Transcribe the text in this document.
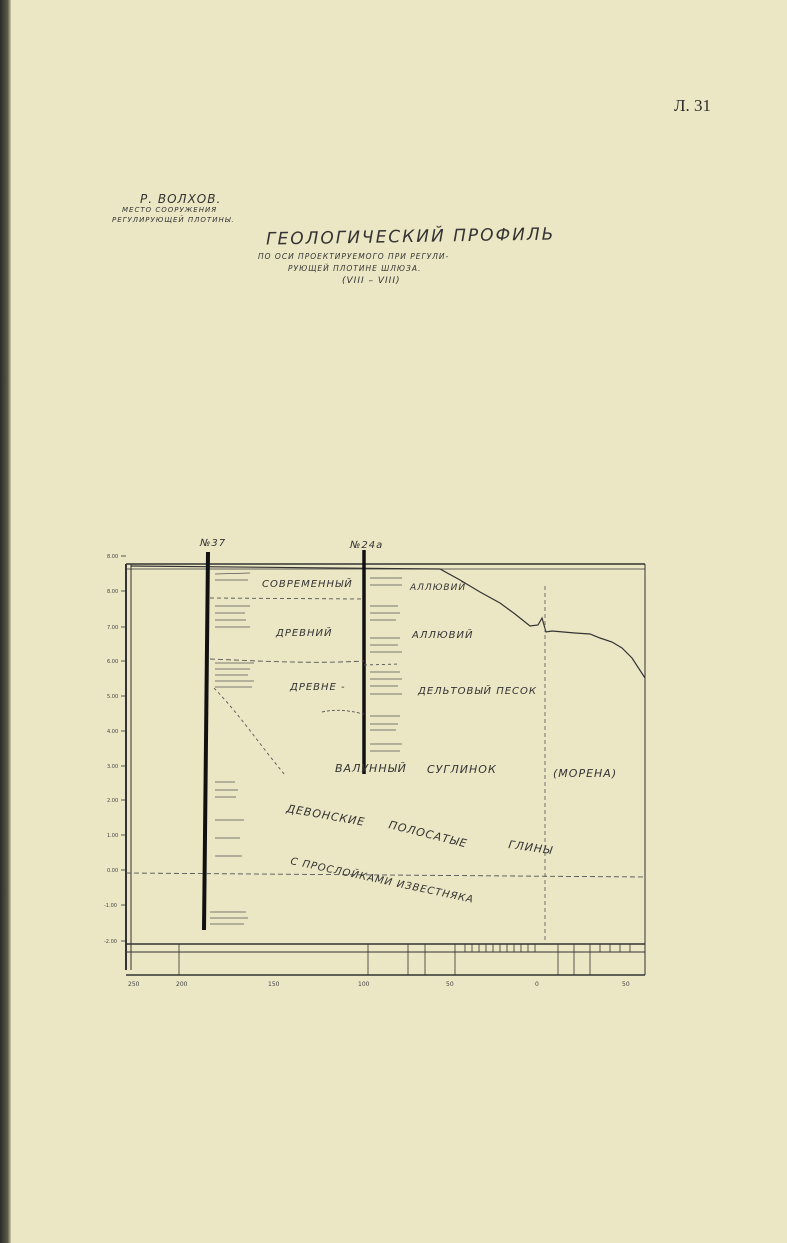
Л. 31
Р. ВОЛХОВ.
МЕСТО СООРУЖЕНИЯ
РЕГУЛИРУЮЩЕЙ ПЛОТИНЫ.
ГЕОЛОГИЧЕСКИЙ ПРОФИЛЬ
ПО ОСИ ПРОЕКТИРУЕМОГО ПРИ РЕГУЛИ-
РУЮЩЕЙ ПЛОТИНЕ ШЛЮЗА.
(VIII – VIII)
№37	№24а
СОВРЕМЕННЫЙ	АЛЛЮВИЙ
ДРЕВНИЙ	АЛЛЮВИЙ
ДРЕВНЕ -	ДЕЛЬТОВЫЙ ПЕСОК
ВАЛУННЫЙ СУГЛИНОК	(МОРЕНА)
ДЕВОНСКИЕ
ПОЛОСАТЫЕ	ГЛИНЫ
С ПРОСЛОЙКАМИ ИЗВЕСТНЯКА
8.00
8.00
7.00
6.00
5.00
4.00
3.00
2.00
1.00
0.00
-1.00
-2.00
250	200	150	100	50	0	50
